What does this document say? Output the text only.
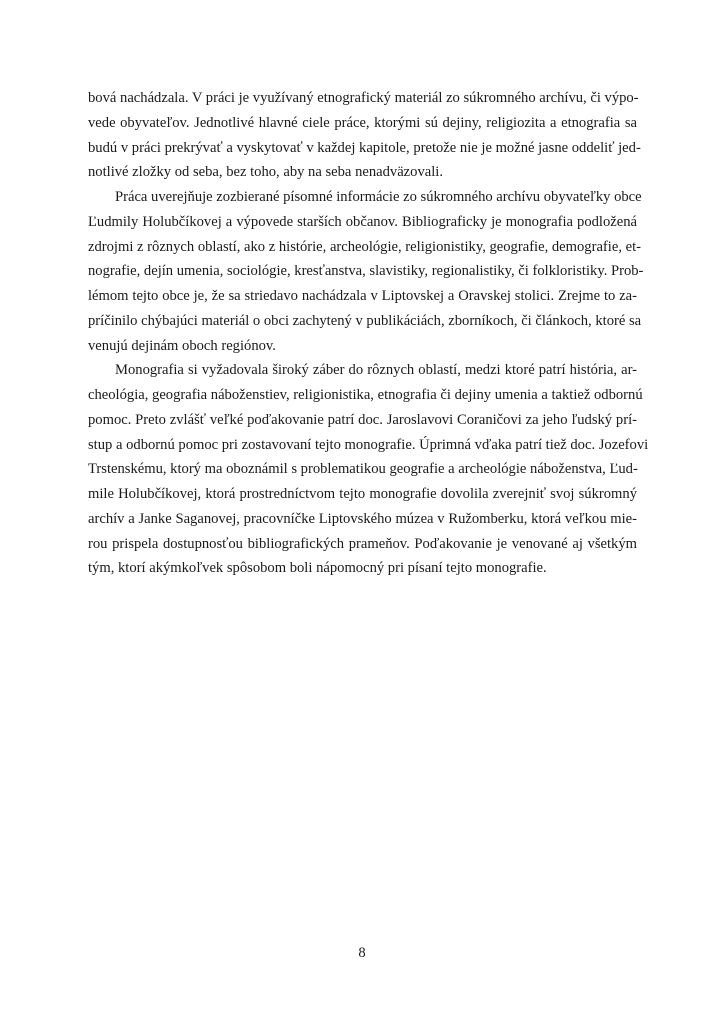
bová nachádzala. V práci je využívaný etnografický materiál zo súkromného archívu, či výpo-
vede obyvateľov. Jednotlivé hlavné ciele práce, ktorými sú dejiny, religiozita a etnografia sa
budú v práci prekrývať a vyskytovať v každej kapitole, pretože nie je možné jasne oddeliť jed-
notlivé zložky od seba, bez toho, aby na seba nenadväzovali.
Práca uverejňuje zozbierané písomné informácie zo súkromného archívu obyvateľky obce
Ľudmily Holubčíkovej a výpovede starších občanov. Bibliograficky je monografia podložená
zdrojmi z rôznych oblastí, ako z histórie, archeológie, religionistiky, geografie, demografie, et-
nografie, dejín umenia, sociológie, kresťanstva, slavistiky, regionalistiky, či folkloristiky. Prob-
lémom tejto obce je, že sa striedavo nachádzala v Liptovskej a Oravskej stolici. Zrejme to za-
príčinilo chýbajúci materiál o obci zachytený v publikáciách, zborníkoch, či článkoch, ktoré sa
venujú dejinám oboch regiónov.
Monografia si vyžadovala široký záber do rôznych oblastí, medzi ktoré patrí história, ar-
cheológia, geografia náboženstiev, religionistika, etnografia či dejiny umenia a taktiež odbornú
pomoc. Preto zvlášť veľké poďakovanie patrí doc. Jaroslavovi Coraničovi za jeho ľudský prí-
stup a odbornú pomoc pri zostavovaní tejto monografie. Úprimná vďaka patrí tiež doc. Jozefovi
Trstenskému, ktorý ma oboznámil s problematikou geografie a archeológie náboženstva, Ľud-
mile Holubčíkovej, ktorá prostredníctvom tejto monografie dovolila zverejniť svoj súkromný
archív a Janke Saganovej, pracovníčke Liptovského múzea v Ružomberku, ktorá veľkou mie-
rou prispela dostupnosťou bibliografických prameňov. Poďakovanie je venované aj všetkým
tým, ktorí akýmkoľvek spôsobom boli nápomocný pri písaní tejto monografie.
8
